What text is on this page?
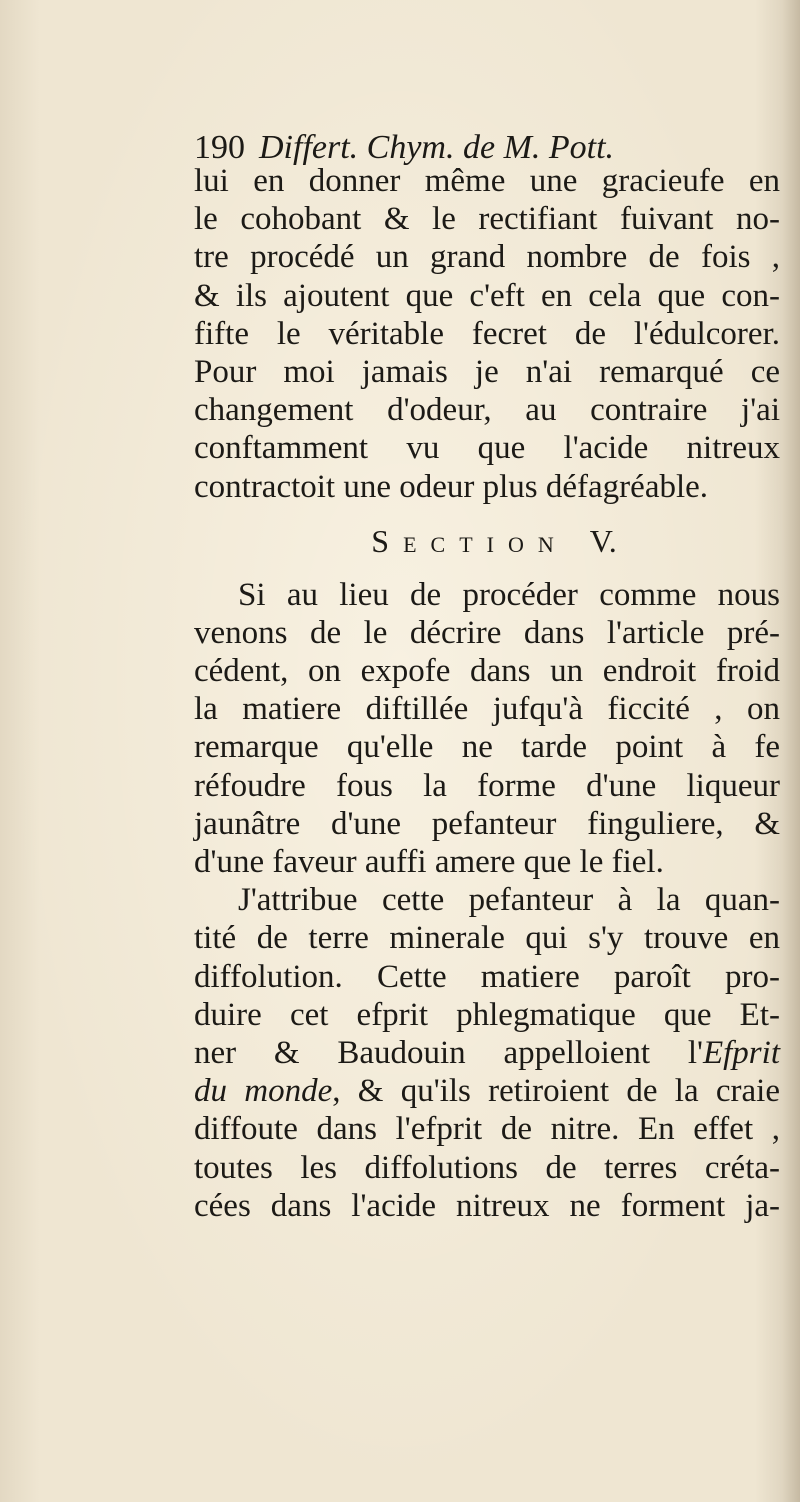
190 Differt. Chym. de M. Pott.
lui en donner même une gracieufe en
le cohobant & le rectifiant fuivant no-
tre procédé un grand nombre de fois ,
& ils ajoutent que c'eft en cela que con-
fifte le véritable fecret de l'édulcorer.
Pour moi jamais je n'ai remarqué ce
changement d'odeur, au contraire j'ai
conftamment vu que l'acide nitreux
contractoit une odeur plus défagréable.
Section V.
Si au lieu de procéder comme nous
venons de le décrire dans l'article pré-
cédent, on expofe dans un endroit froid
la matiere diftillée jufqu'à ficcité , on
remarque qu'elle ne tarde point à fe
réfoudre fous la forme d'une liqueur
jaunâtre d'une pefanteur finguliere, &
d'une faveur auffi amere que le fiel.
J'attribue cette pefanteur à la quan-
tité de terre minerale qui s'y trouve en
diffolution. Cette matiere paroît pro-
duire cet efprit phlegmatique que Et-
ner & Baudouin appelloient l'Efprit
du monde, & qu'ils retiroient de la craie
diffoute dans l'efprit de nitre. En effet ,
toutes les diffolutions de terres créta-
cées dans l'acide nitreux ne forment ja-
